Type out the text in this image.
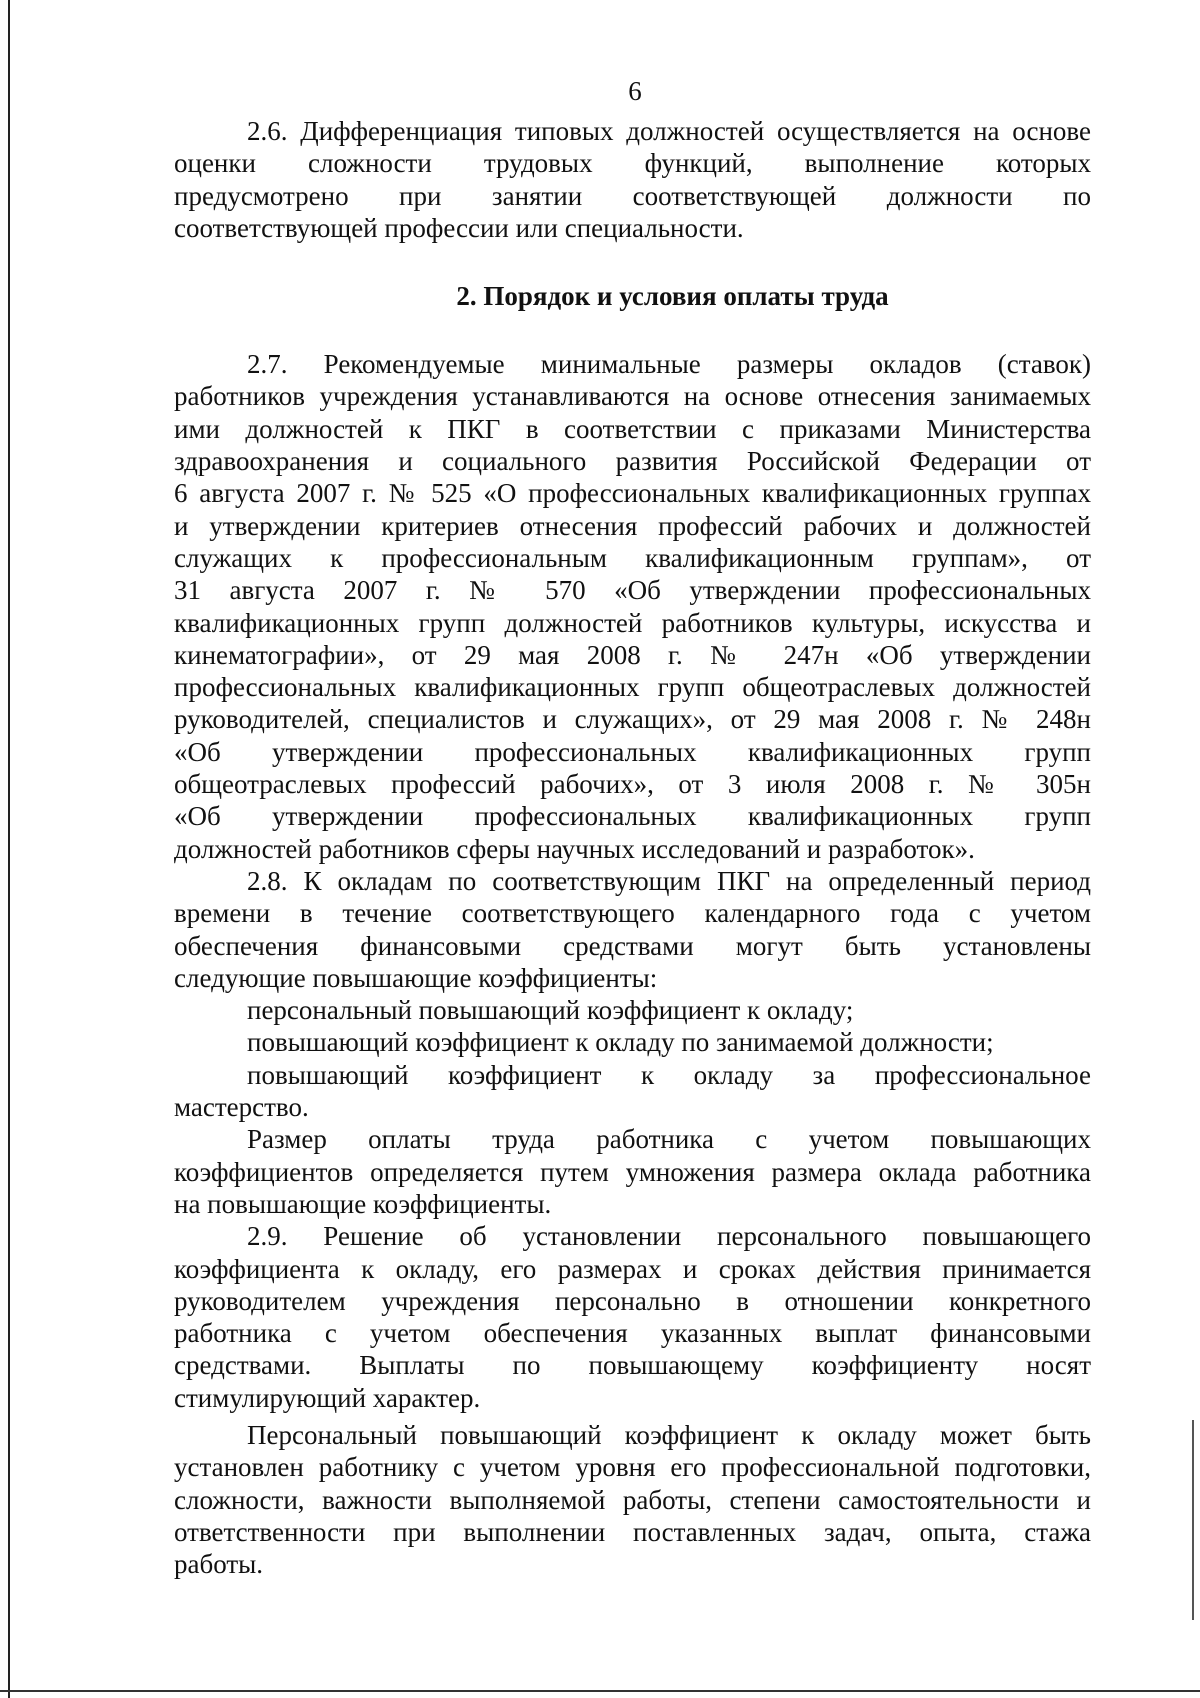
6
2.6. Дифференциация типовых должностей осуществляется на основе
оценки сложности трудовых функций, выполнение которых
предусмотрено при занятии соответствующей должности по
соответствующей профессии или специальности.
2. Порядок и условия оплаты труда
2.7. Рекомендуемые минимальные размеры окладов (ставок)
работников учреждения устанавливаются на основе отнесения занимаемых
ими должностей к ПКГ в соответствии с приказами Министерства
здравоохранения и социального развития Российской Федерации от
6 августа 2007 г. № 525 «О профессиональных квалификационных группах
и утверждении критериев отнесения профессий рабочих и должностей
служащих к профессиональным квалификационным группам», от
31 августа 2007 г. № 570 «Об утверждении профессиональных
квалификационных групп должностей работников культуры, искусства и
кинематографии», от 29 мая 2008 г. № 247н «Об утверждении
профессиональных квалификационных групп общеотраслевых должностей
руководителей, специалистов и служащих», от 29 мая 2008 г. № 248н
«Об утверждении профессиональных квалификационных групп
общеотраслевых профессий рабочих», от 3 июля 2008 г. № 305н
«Об утверждении профессиональных квалификационных групп
должностей работников сферы научных исследований и разработок».
2.8. К окладам по соответствующим ПКГ на определенный период
времени в течение соответствующего календарного года с учетом
обеспечения финансовыми средствами могут быть установлены
следующие повышающие коэффициенты:
персональный повышающий коэффициент к окладу;
повышающий коэффициент к окладу по занимаемой должности;
повышающий коэффициент к окладу за профессиональное
мастерство.
Размер оплаты труда работника с учетом повышающих
коэффициентов определяется путем умножения размера оклада работника
на повышающие коэффициенты.
2.9. Решение об установлении персонального повышающего
коэффициента к окладу, его размерах и сроках действия принимается
руководителем учреждения персонально в отношении конкретного
работника с учетом обеспечения указанных выплат финансовыми
средствами. Выплаты по повышающему коэффициенту носят
стимулирующий характер.
Персональный повышающий коэффициент к окладу может быть
установлен работнику с учетом уровня его профессиональной подготовки,
сложности, важности выполняемой работы, степени самостоятельности и
ответственности при выполнении поставленных задач, опыта, стажа
работы.
